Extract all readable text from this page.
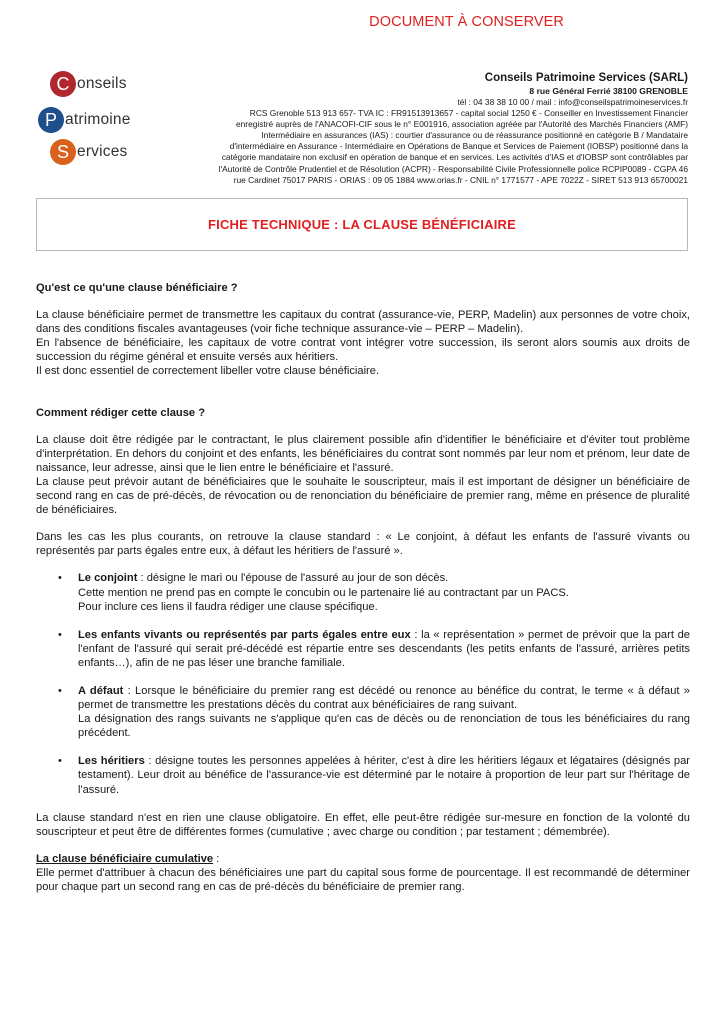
DOCUMENT À CONSERVER
C onseils
P atrimoine
S ervices
Conseils Patrimoine Services (SARL)
8 rue Général Ferrié 38100 GRENOBLE
tél : 04 38 38 10 00 / mail : info@conseilspatrimoineservices.fr
RCS Grenoble 513 913 657- TVA IC : FR91513913657 - capital social 1250 € - Conseiller en Investissement Financier
enregistré auprès de l'ANACOFI-CIF sous le n° E001916, association agréée par l'Autorité des Marchés Financiers (AMF)
Intermédiaire en assurances (IAS) : courtier d'assurance ou de réassurance positionné en catégorie B / Mandataire
d'intermédiaire en Assurance - Intermédiaire en Opérations de Banque et Services de Paiement (IOBSP) positionné dans la
catégorie mandataire non exclusif en opération de banque et en services. Les activités d'IAS et d'IOBSP sont contrôlables par
l'Autorité de Contrôle Prudentiel et de Résolution (ACPR) - Responsabilité Civile Professionnelle police RCPIP0089 - CGPA 46
rue Cardinet 75017 PARIS - ORIAS : 09 05 1884 www.orias.fr - CNIL n° 1771577 - APE 7022Z - SIRET 513 913 65700021
FICHE TECHNIQUE : LA CLAUSE BÉNÉFICIAIRE

Qu'est ce qu'une clause bénéficiaire ?

La clause bénéficiaire permet de transmettre les capitaux du contrat (assurance-vie, PERP, Madelin) aux personnes de votre choix, dans des conditions fiscales avantageuses (voir fiche technique assurance-vie – PERP – Madelin).

En l'absence de bénéficiaire, les capitaux de votre contrat vont intégrer votre succession, ils seront alors soumis aux droits de succession du régime général et ensuite versés aux héritiers.

Il est donc essentiel de correctement libeller votre clause bénéficiaire.

Comment rédiger cette clause ?

La clause doit être rédigée par le contractant, le plus clairement possible afin d'identifier le bénéficiaire et d'éviter tout problème d'interprétation. En dehors du conjoint et des enfants, les bénéficiaires du contrat sont nommés par leur nom et prénom, leur date de naissance, leur adresse, ainsi que le lien entre le bénéficiaire et l'assuré.

La clause peut prévoir autant de bénéficiaires que le souhaite le souscripteur, mais il est important de désigner un bénéficiaire de second rang en cas de pré-décès, de révocation ou de renonciation du bénéficiaire de premier rang, même en présence de pluralité de bénéficiaires.

Dans les cas les plus courants, on retrouve la clause standard : « Le conjoint, à défaut les enfants de l'assuré vivants ou représentés par parts égales entre eux, à défaut les héritiers de l'assuré ».

• Le conjoint : désigne le mari ou l'épouse de l'assuré au jour de son décès.
Cette mention ne prend pas en compte le concubin ou le partenaire lié au contractant par un PACS.
Pour inclure ces liens il faudra rédiger une clause spécifique.
• Les enfants vivants ou représentés par parts égales entre eux : la « représentation » permet de prévoir que la part de l'enfant de l'assuré qui serait pré-décédé est répartie entre ses descendants (les petits enfants de l'assuré, arrières petits enfants…), afin de ne pas léser une branche familiale.
• A défaut : Lorsque le bénéficiaire du premier rang est décédé ou renonce au bénéfice du contrat, le terme « à défaut » permet de transmettre les prestations décès du contrat aux bénéficiaires de rang suivant.
La désignation des rangs suivants ne s'applique qu'en cas de décès ou de renonciation de tous les bénéficiaires du rang précédent.
• Les héritiers : désigne toutes les personnes appelées à hériter, c'est à dire les héritiers légaux et légataires (désignés par testament). Leur droit au bénéfice de l'assurance-vie est déterminé par le notaire à proportion de leur part sur l'héritage de l'assuré.

La clause standard n'est en rien une clause obligatoire. En effet, elle peut-être rédigée sur-mesure en fonction de la volonté du souscripteur et peut être de différentes formes (cumulative ; avec charge ou condition ; par testament ; démembrée).

La clause bénéficiaire cumulative :

Elle permet d'attribuer à chacun des bénéficiaires une part du capital sous forme de pourcentage. Il est recommandé de déterminer pour chaque part un second rang en cas de pré-décès du bénéficiaire de premier rang.
